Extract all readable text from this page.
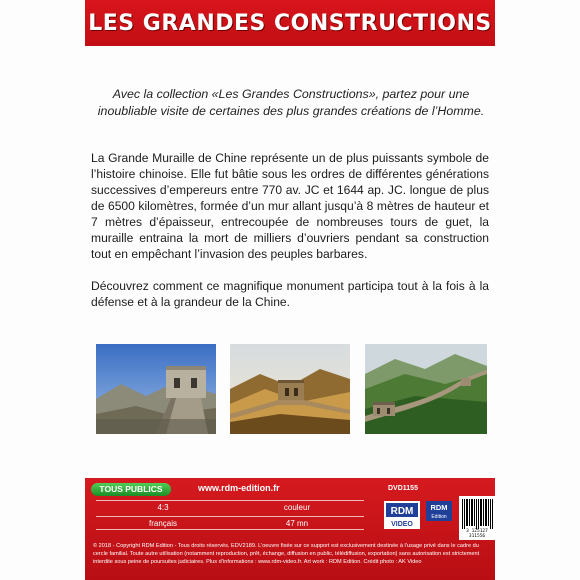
LES GRANDES CONSTRUCTIONS
Avec la collection «Les Grandes Constructions», partez pour une inoubliable visite de certaines des plus grandes créations de l’Homme.

La Grande Muraille de Chine représente un de plus puissants symbole de l’histoire chinoise. Elle fut bâtie sous les ordres de différentes générations successives d’empereurs entre 770 av. JC et 1644 ap. JC. longue de plus de 6500 kilomètres, formée d’un mur allant jusqu’à 8 mètres de hauteur et 7 mètres d’épaisseur, entrecoupée de nombreuses tours de guet, la muraille entraina la mort de milliers d’ouvriers pendant sa construction tout en empêchant l’invasion des peuples barbares.

Découvrez comment ce magnifique monument participa tout à la fois à la défense et à la grandeur de la Chine.

TOUS PUBLICS	www.rdm-edition.fr	DVD1155
4:3	couleur
français	47 mn
RDM
VIDEO
RDM
Edition
3 125127 311556
© 2018 - Copyright RDM Edition - Tous droits réservés. EDV2189. L’oeuvre fixée sur ce support est exclusivement destinée à l’usage privé dans le cadre du cercle familial. Toute autre utilisation (notamment reproduction, prêt, échange, diffusion en public, télédiffusion, exportation) sans autorisation est strictement interdite sous peine de poursuites judiciaires. Plus d’informations : www.rdm-video.fr. Art work : RDM Edition. Crédit photo : AK Video
